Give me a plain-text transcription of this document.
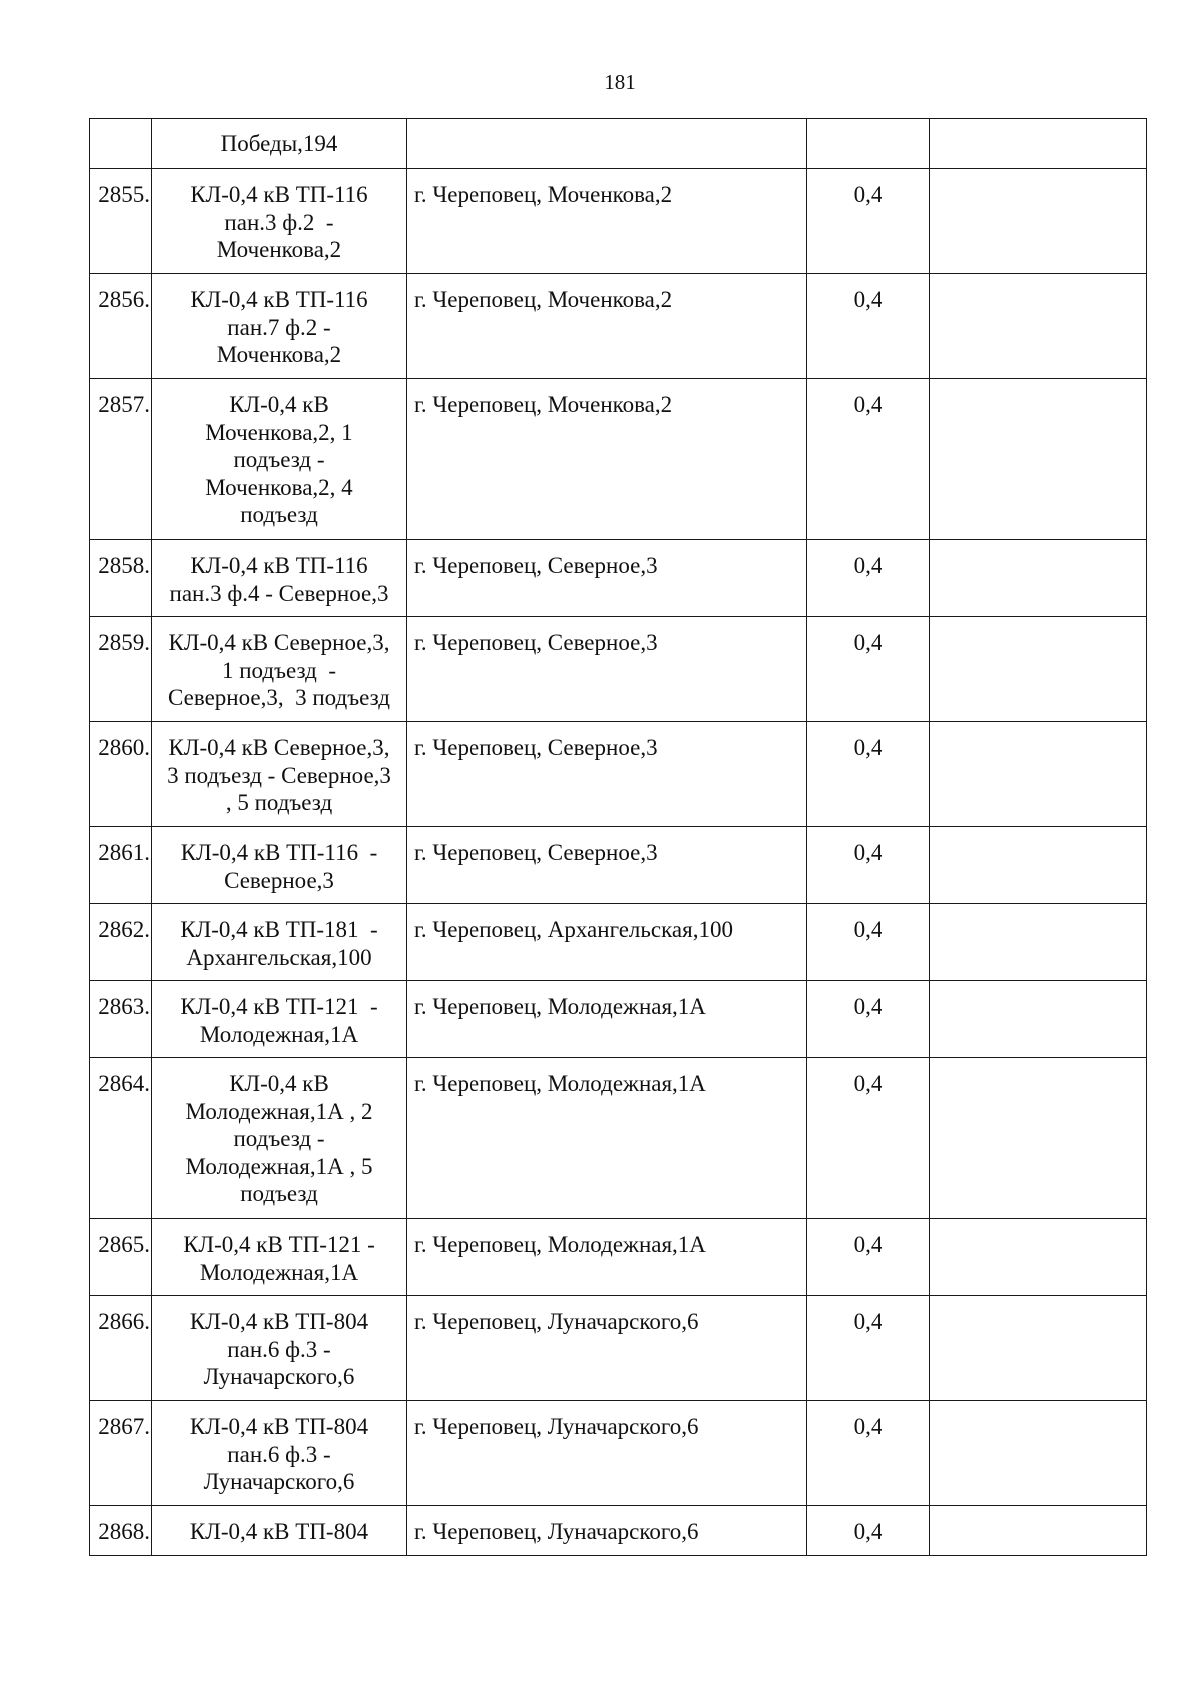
181
	Победы,194			
2855.	КЛ-0,4 кВ ТП-116
пан.3 ф.2  -
Моченкова,2	г. Череповец, Моченкова,2	0,4	
2856.	КЛ-0,4 кВ ТП-116
пан.7 ф.2 -
Моченкова,2	г. Череповец, Моченкова,2	0,4	
2857.	КЛ-0,4 кВ
Моченкова,2, 1
подъезд -
Моченкова,2, 4
подъезд	г. Череповец, Моченкова,2	0,4	
2858.	КЛ-0,4 кВ ТП-116
пан.3 ф.4 - Северное,3	г. Череповец, Северное,3	0,4	
2859.	КЛ-0,4 кВ Северное,3,
1 подъезд  -
Северное,3,  3 подъезд	г. Череповец, Северное,3	0,4	
2860.	КЛ-0,4 кВ Северное,3,
3 подъезд - Северное,3
, 5 подъезд	г. Череповец, Северное,3	0,4	
2861.	КЛ-0,4 кВ ТП-116  -
Северное,3	г. Череповец, Северное,3	0,4	
2862.	КЛ-0,4 кВ ТП-181  -
Архангельская,100	г. Череповец, Архангельская,100	0,4	
2863.	КЛ-0,4 кВ ТП-121  -
Молодежная,1А	г. Череповец, Молодежная,1А	0,4	
2864.	КЛ-0,4 кВ
Молодежная,1А , 2
подъезд -
Молодежная,1А , 5
подъезд	г. Череповец, Молодежная,1А	0,4	
2865.	КЛ-0,4 кВ ТП-121 -
Молодежная,1А	г. Череповец, Молодежная,1А	0,4	
2866.	КЛ-0,4 кВ ТП-804
пан.6 ф.3 -
Луначарского,6	г. Череповец, Луначарского,6	0,4	
2867.	КЛ-0,4 кВ ТП-804
пан.6 ф.3 -
Луначарского,6	г. Череповец, Луначарского,6	0,4	
2868.	КЛ-0,4 кВ ТП-804	г. Череповец, Луначарского,6	0,4	
